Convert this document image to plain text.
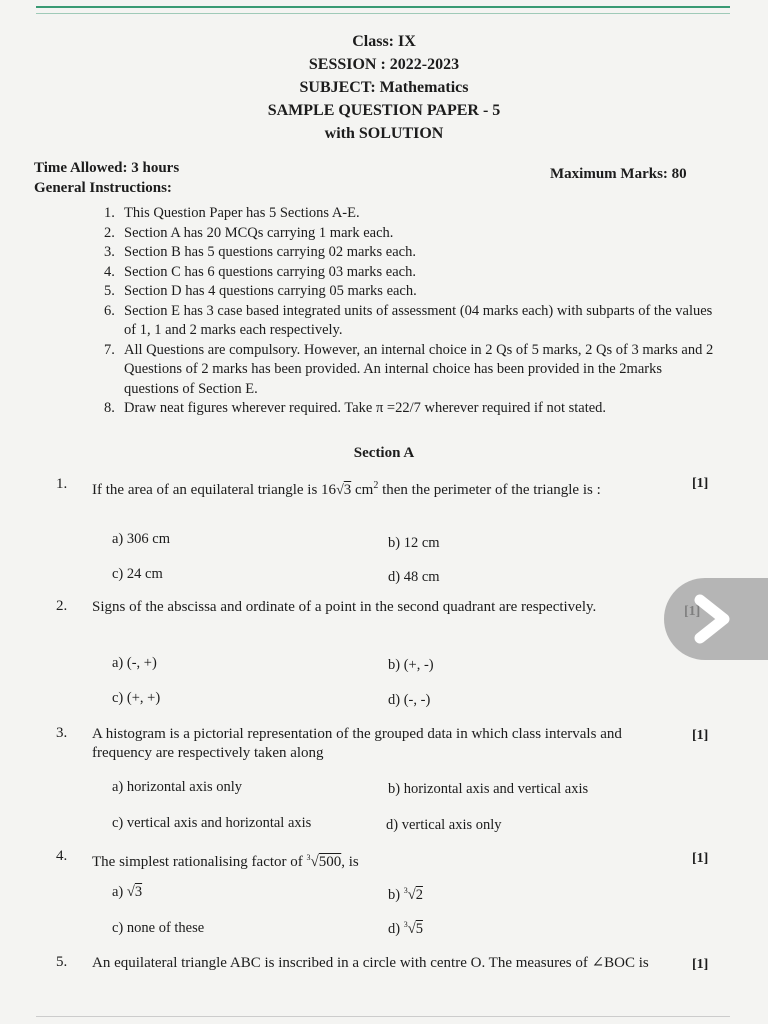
Class: IX
SESSION : 2022-2023
SUBJECT: Mathematics
SAMPLE QUESTION PAPER - 5
with SOLUTION
Time Allowed: 3 hours
General Instructions:
Maximum Marks: 80
1. This Question Paper has 5 Sections A-E.
2. Section A has 20 MCQs carrying 1 mark each.
3. Section B has 5 questions carrying 02 marks each.
4. Section C has 6 questions carrying 03 marks each.
5. Section D has 4 questions carrying 05 marks each.
6. Section E has 3 case based integrated units of assessment (04 marks each) with subparts of the values of 1, 1 and 2 marks each respectively.
7. All Questions are compulsory. However, an internal choice in 2 Qs of 5 marks, 2 Qs of 3 marks and 2 Questions of 2 marks has been provided. An internal choice has been provided in the 2marks questions of Section E.
8. Draw neat figures wherever required. Take π =22/7 wherever required if not stated.
Section A
1. If the area of an equilateral triangle is 16√3 $cm^2$ then the perimeter of the triangle is :	[1]
a) 306 cm	b) 12 cm
c) 24 cm	d) 48 cm
2. Signs of the abscissa and ordinate of a point in the second quadrant are respectively.
a) (-, +)	b) (+, -)
c) (+, +)	d) (-, -)
3. A histogram is a pictorial representation of the grouped data in which class intervals and frequency are respectively taken along
[1]
a) horizontal axis only	b) horizontal axis and vertical axis
c) vertical axis and horizontal axis	d) vertical axis only
4. The simplest rationalising factor of $^3$√500, is	[1]
a) √3	b) $^3$√2
c) none of these	d) $^3$√5
5. An equilateral triangle ABC is inscribed in a circle with centre O. The measures of ∠BOC is	[1]
